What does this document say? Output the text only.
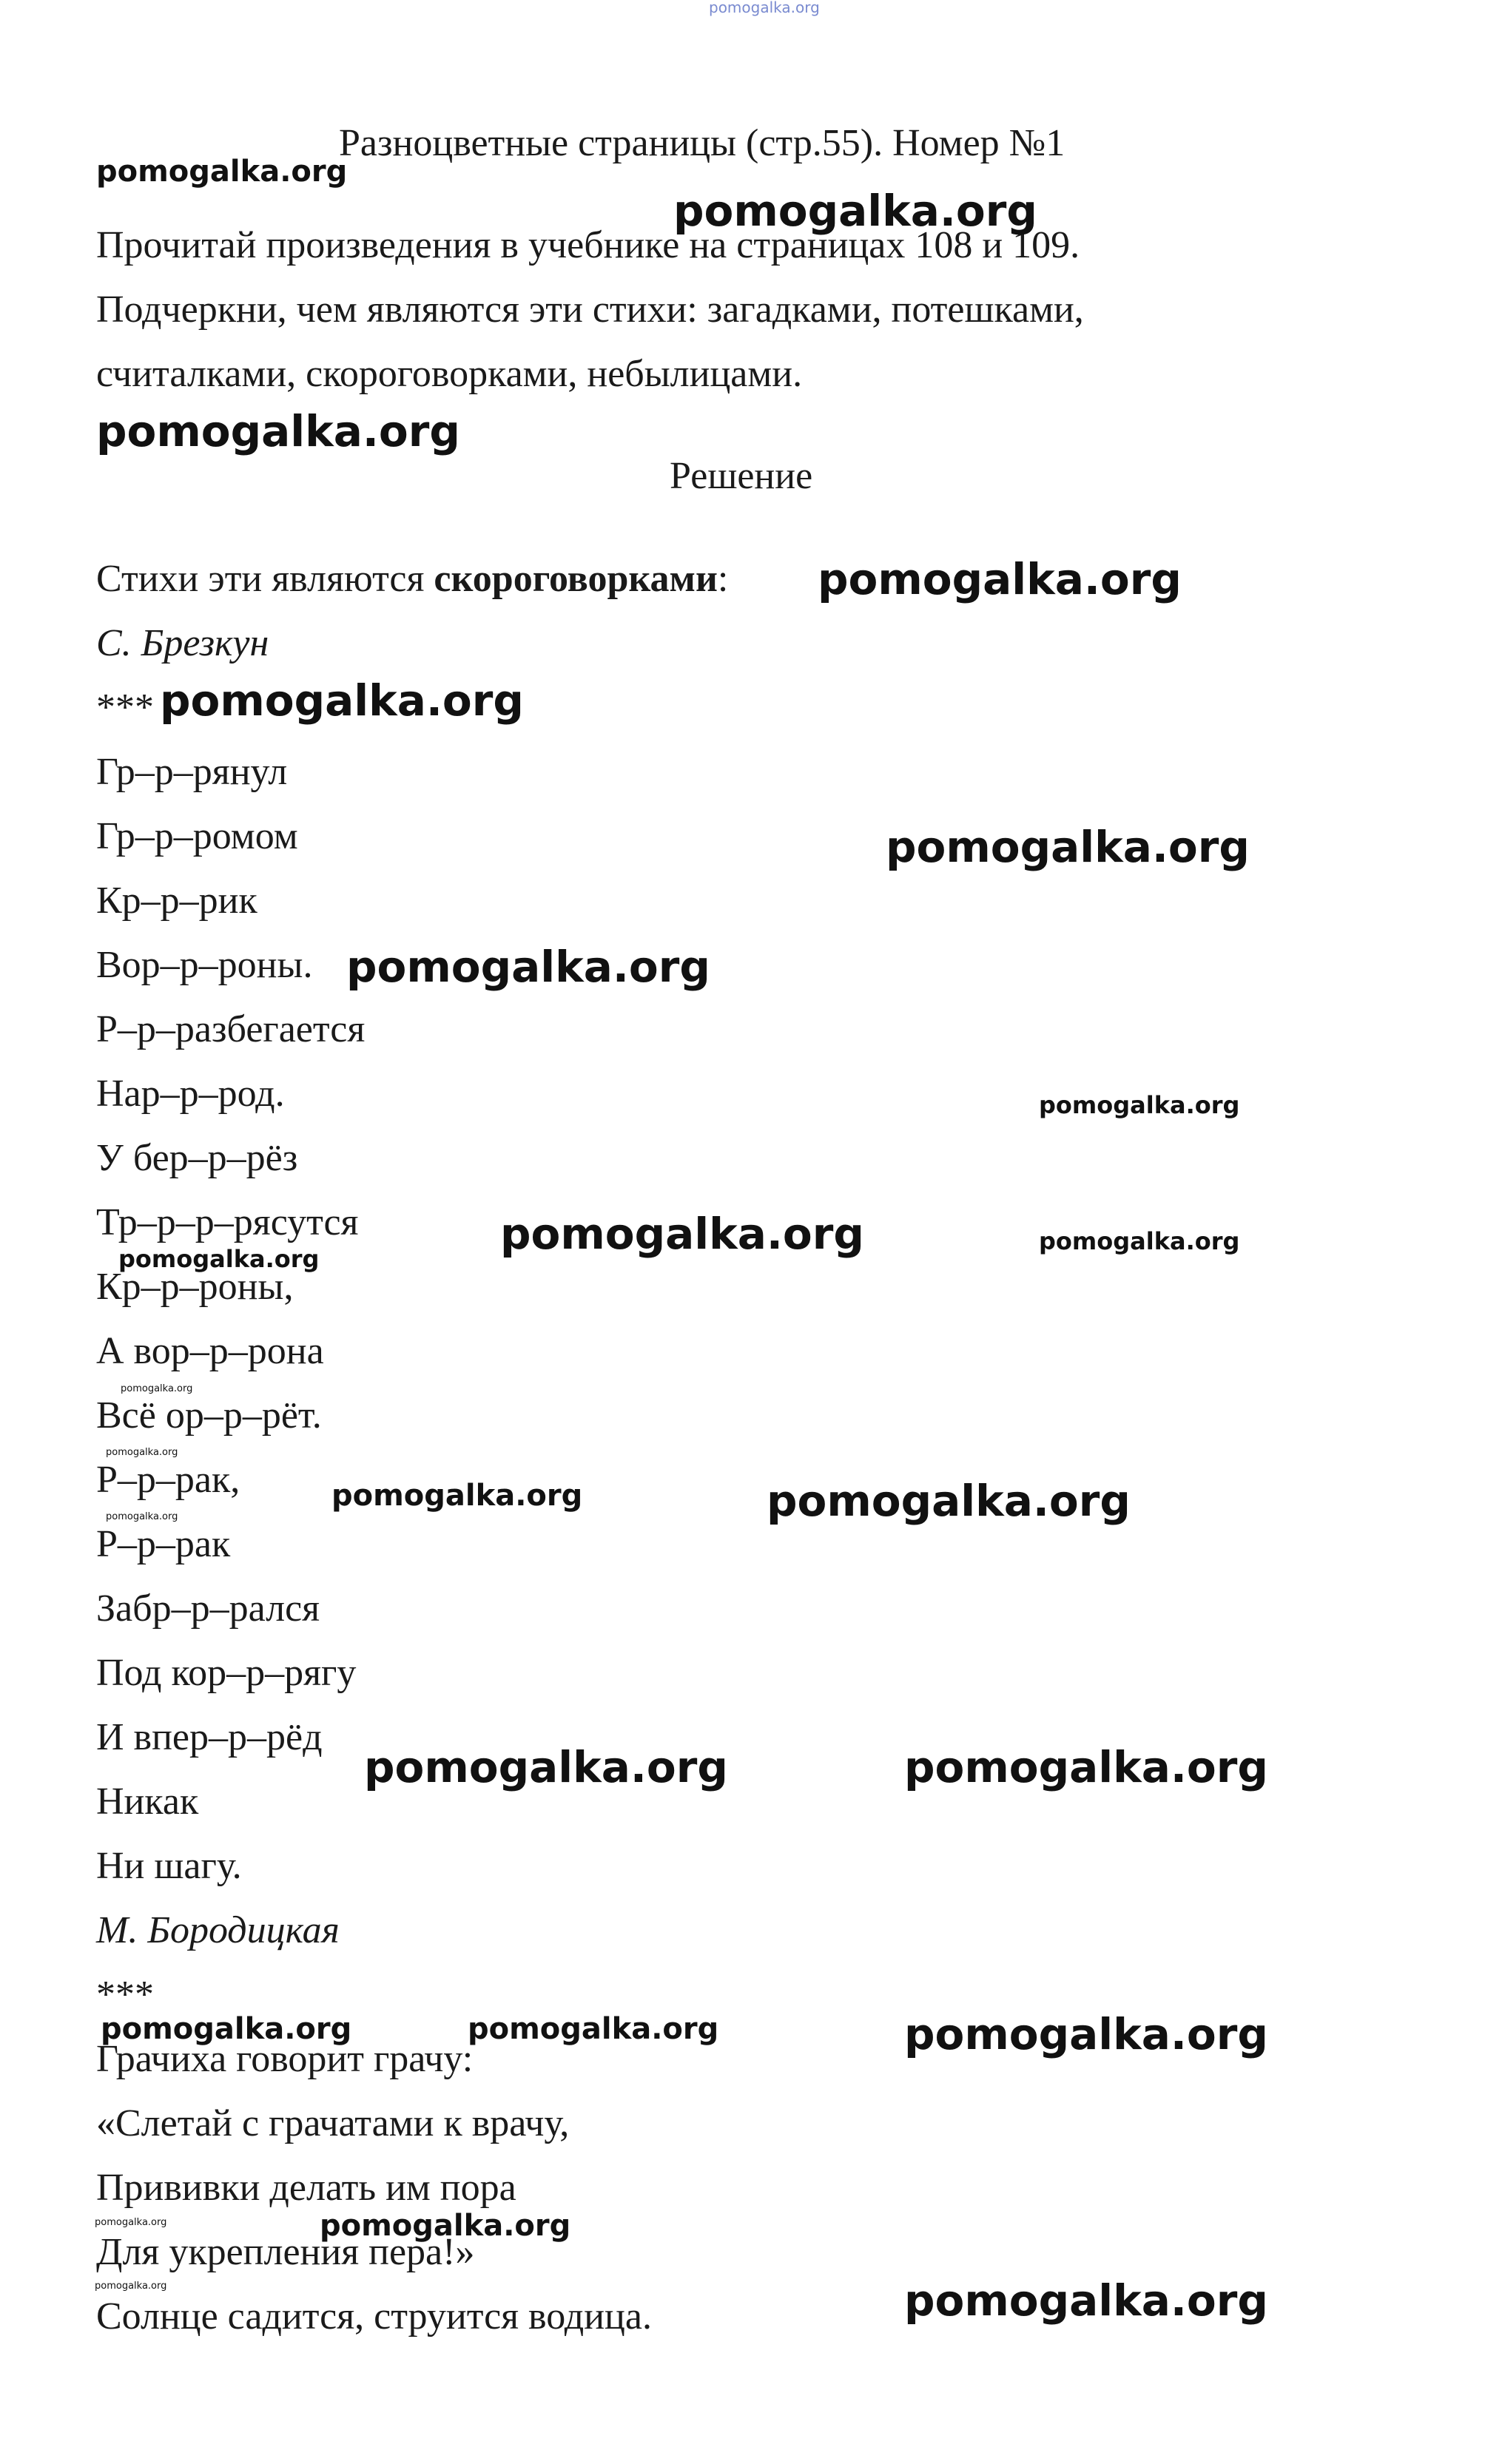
Разноцветные страницы (стр.55). Номер №1
Прочитай произведения в учебнике на страницах 108 и 109.
Подчеркни, чем являются эти стихи: загадками, потешками,
считалками, скороговорками, небылицами.
Решение
Стихи эти являются скороговорками:
С. Брезкун
***
Гр–р–рянул
Гр–р–ромом
Кр–р–рик
Вор–р–роны.
Р–р–разбегается
Нар–р–род.
У бер–р–рёз
Тр–р–р–рясутся
Кр–р–роны,
А вор–р–рона
Всё ор–р–рёт.
Р–р–рак,
Р–р–рак
Забр–р–рался
Под кор–р–рягу
И впер–р–рёд
Никак
Ни шагу.
М. Бородицкая
***
Грачиха говорит грачу:
«Слетай с грачатами к врачу,
Прививки делать им пора
Для укрепления пера!»
Солнце садится, струится водица.
pomogalka.org
pomogalka.org
pomogalka.org
pomogalka.org
pomogalka.org
pomogalka.org
pomogalka.org
pomogalka.org
pomogalka.org
pomogalka.org	pomogalka.org
pomogalka.org
pomogalka.org
pomogalka.org
pomogalka.org	pomogalka.org
pomogalka.org
pomogalka.org	pomogalka.org
pomogalka.org	pomogalka.org	pomogalka.org
pomogalka.org	pomogalka.org
pomogalka.org	pomogalka.org
